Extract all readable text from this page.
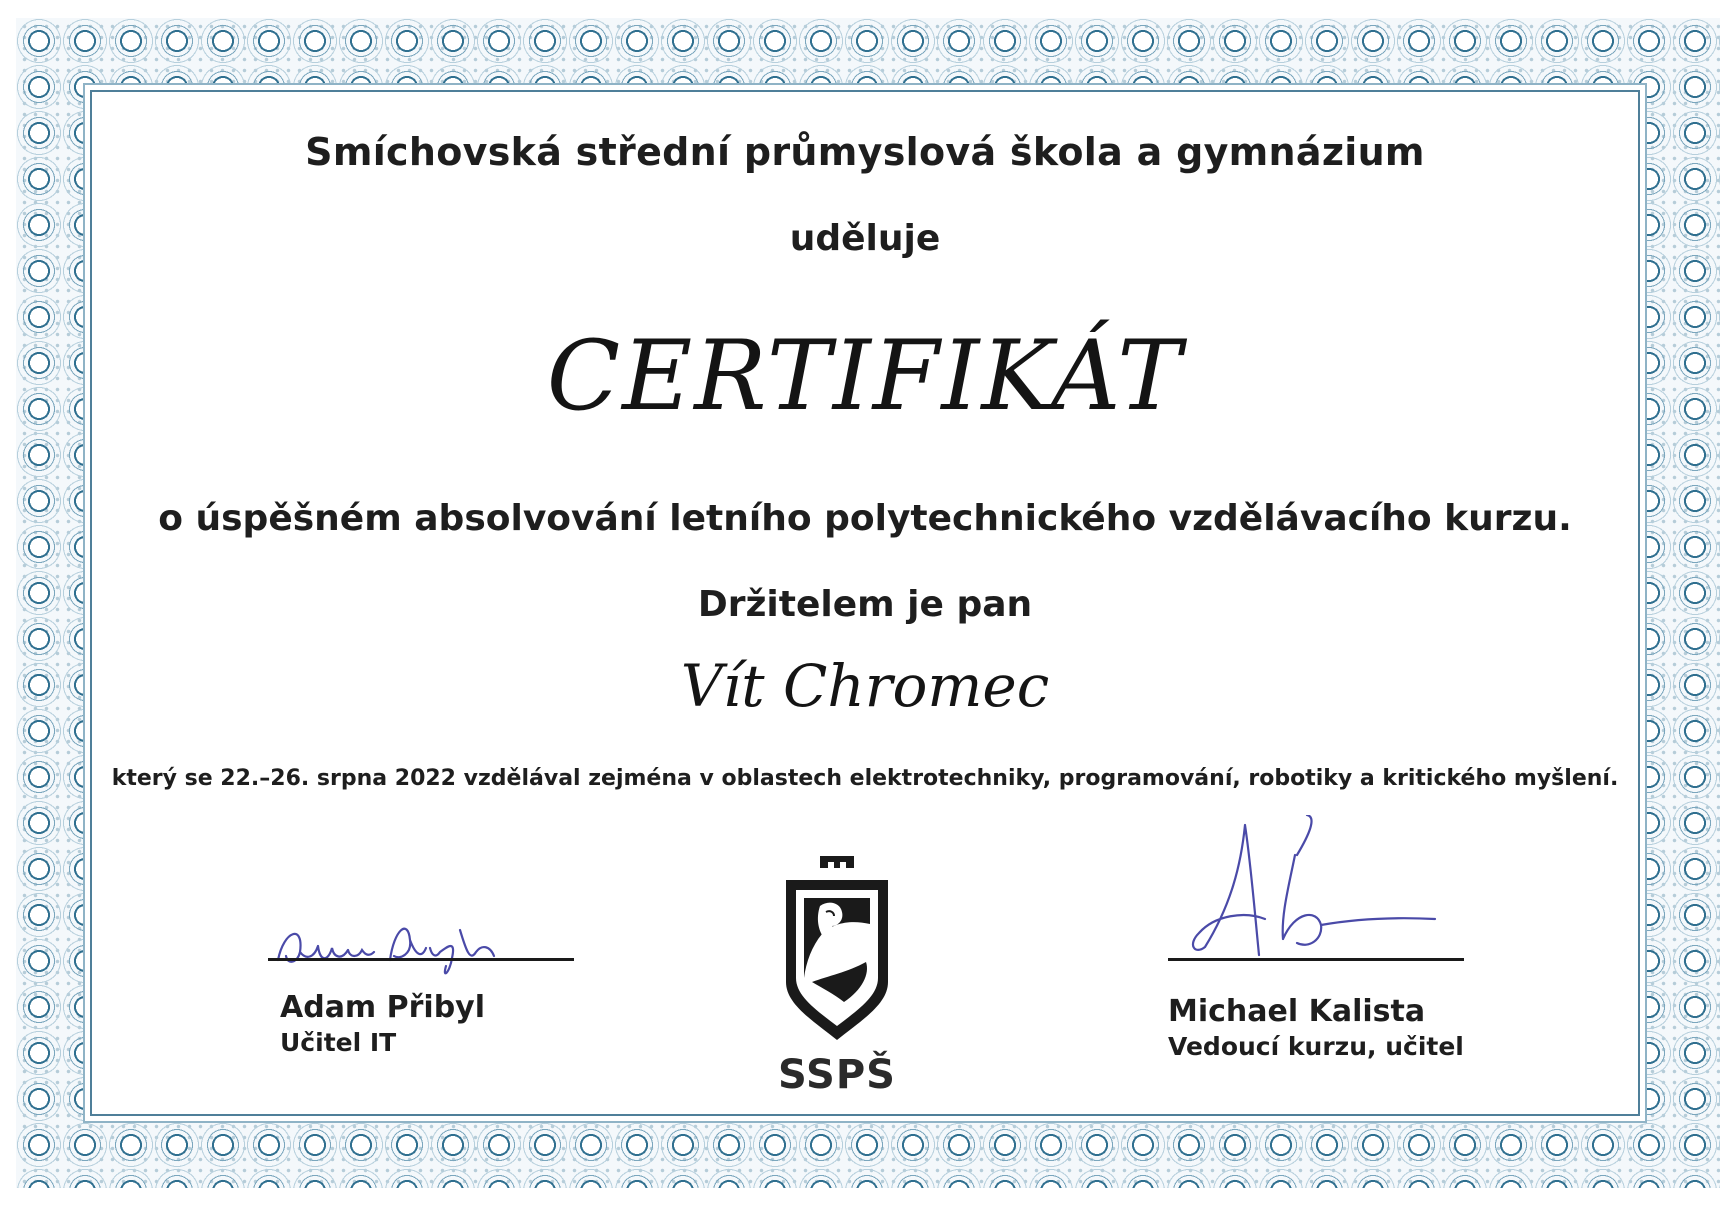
Smíchovská střední průmyslová škola a gymnázium
uděluje
CERTIFIKÁT
o úspěšném absolvování letního polytechnického vzdělávacího kurzu.
Držitelem je pan
Vít Chromec
který se 22.–26. srpna 2022 vzdělával zejména v oblastech elektrotechniky, programování, robotiky a kritického myšlení.
Adam Přibyl
Učitel IT
Michael Kalista
Vedoucí kurzu, učitel
SSPŠ
